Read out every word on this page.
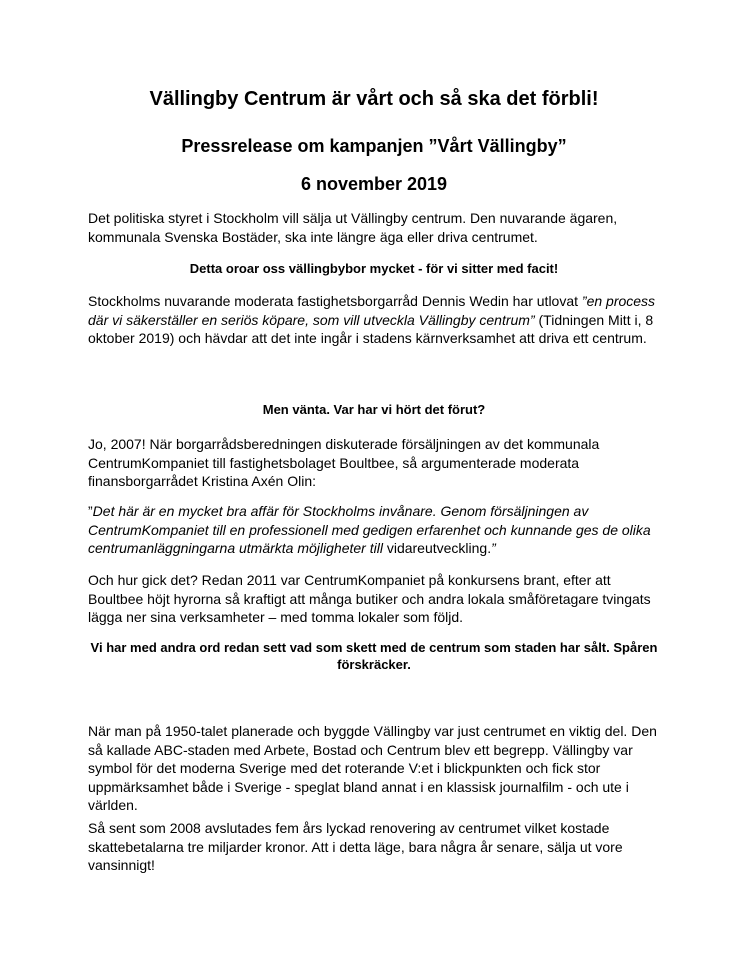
Vällingby Centrum är vårt och så ska det förbli!
Pressrelease om kampanjen ”Vårt Vällingby”
6 november 2019

Det politiska styret i Stockholm vill sälja ut Vällingby centrum. Den nuvarande ägaren, kommunala Svenska Bostäder, ska inte längre äga eller driva centrumet.

Detta oroar oss vällingbybor mycket - för vi sitter med facit!

Stockholms nuvarande moderata fastighetsborgarråd Dennis Wedin har utlovat ”en process där vi säkerställer en seriös köpare, som vill utveckla Vällingby centrum” (Tidningen Mitt i, 8 oktober 2019) och hävdar att det inte ingår i stadens kärnverksamhet att driva ett centrum.

Men vänta. Var har vi hört det förut?

Jo, 2007! När borgarrådsberedningen diskuterade försäljningen av det kommunala CentrumKompaniet till fastighetsbolaget Boultbee, så argumenterade moderata finansborgarrådet Kristina Axén Olin:

”Det här är en mycket bra affär för Stockholms invånare. Genom försäljningen av CentrumKompaniet till en professionell med gedigen erfarenhet och kunnande ges de olika centrumanläggningarna utmärkta möjligheter till vidareutveckling.”

Och hur gick det? Redan 2011 var CentrumKompaniet på konkursens brant, efter att Boultbee höjt hyrorna så kraftigt att många butiker och andra lokala småföretagare tvingats lägga ner sina verksamheter – med tomma lokaler som följd.

Vi har med andra ord redan sett vad som skett med de centrum som staden har sålt. Spåren förskräcker.

När man på 1950-talet planerade och byggde Vällingby var just centrumet en viktig del. Den så kallade ABC-staden med Arbete, Bostad och Centrum blev ett begrepp. Vällingby var symbol för det moderna Sverige med det roterande V:et i blickpunkten och fick stor uppmärksamhet både i Sverige - speglat bland annat i en klassisk journalfilm - och ute i världen.

Så sent som 2008 avslutades fem års lyckad renovering av centrumet vilket kostade skattebetalarna tre miljarder kronor. Att i detta läge, bara några år senare, sälja ut vore vansinnigt!
